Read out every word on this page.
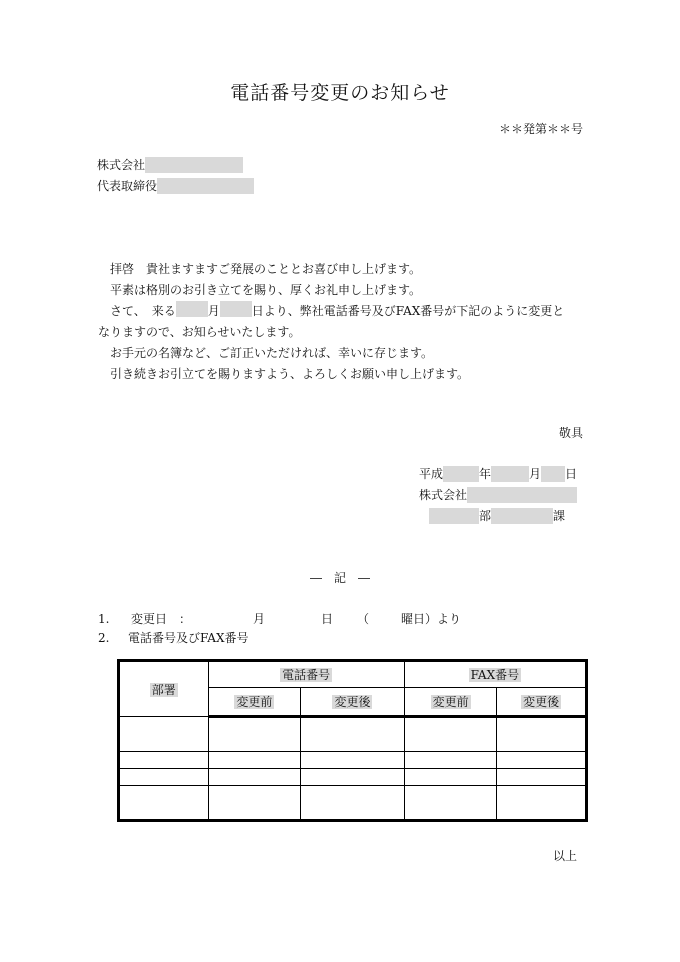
電話番号変更のお知らせ
＊＊発第＊＊号
株式会社
代表取締役

拝啓　貴社ますますご発展のこととお喜び申し上げます。

平素は格別のお引き立てを賜り、厚くお礼申し上げます。

さて、　来る	月	日より、弊社電話番号及びFAX番号が下記のように変更と

なりますので、お知らせいたします。

お手元の名簿など、ご訂正いただければ、幸いに存じます。

引き続きお引立てを賜りますよう、よろしくお願い申し上げます。

敬具
平成	年	月 日
株式会社
部	課
―　記　―
1. 変更日　：	月	日 （	曜日）より
2. 電話番号及びFAX番号
部署	電話番号		FAX番号	
	変更前	変更後	変更前	変更後

以上
